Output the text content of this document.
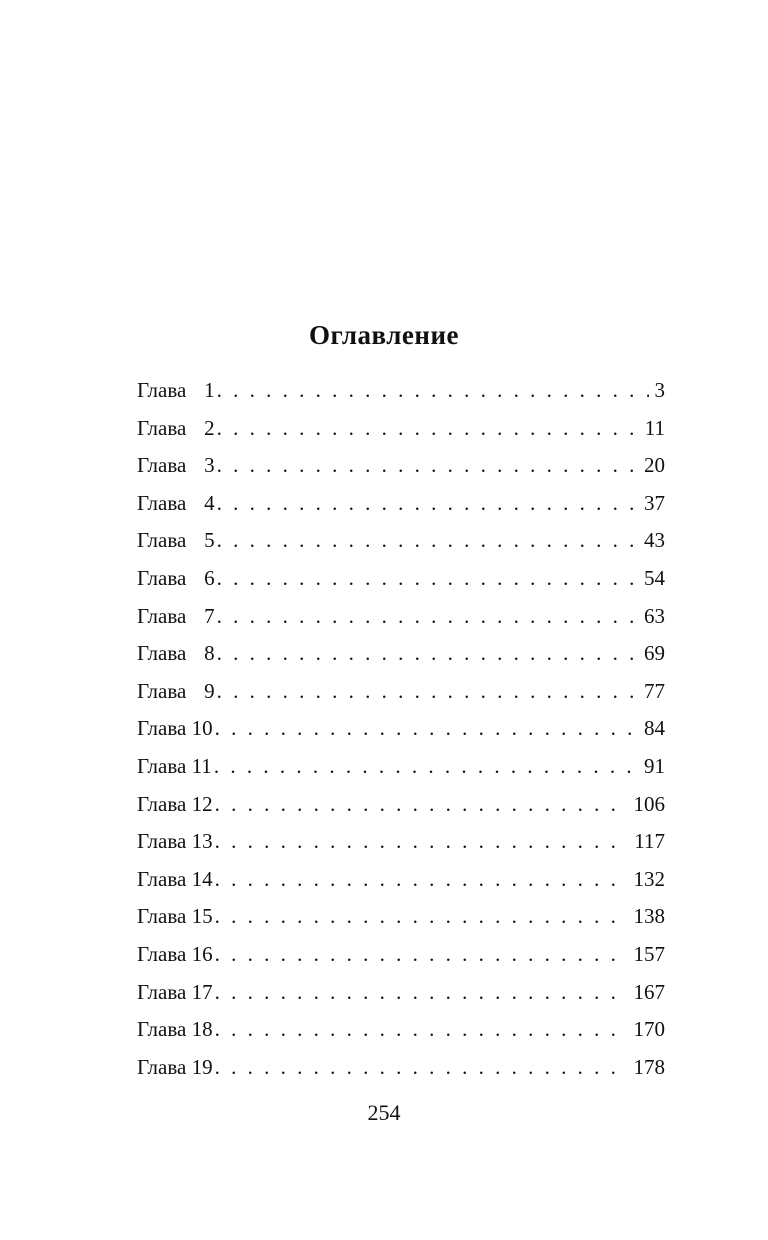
Оглавление
Глава 1 . . .	3
Глава 2 . . .	11
Глава 3 . . .	20
Глава 4 . . .	37
Глава 5 . . .	43
Глава 6 . . .	54
Глава 7 . . .	63
Глава 8 . . .	69
Глава 9 . . .	77
Глава 10 . . .	84
Глава 11 . . .	91
Глава 12 . . .	106
Глава 13 . . .	117
Глава 14 . . .	132
Глава 15 . . .	138
Глава 16 . . .	157
Глава 17 . . .	167
Глава 18 . . .	170
Глава 19 . . .	178

254
